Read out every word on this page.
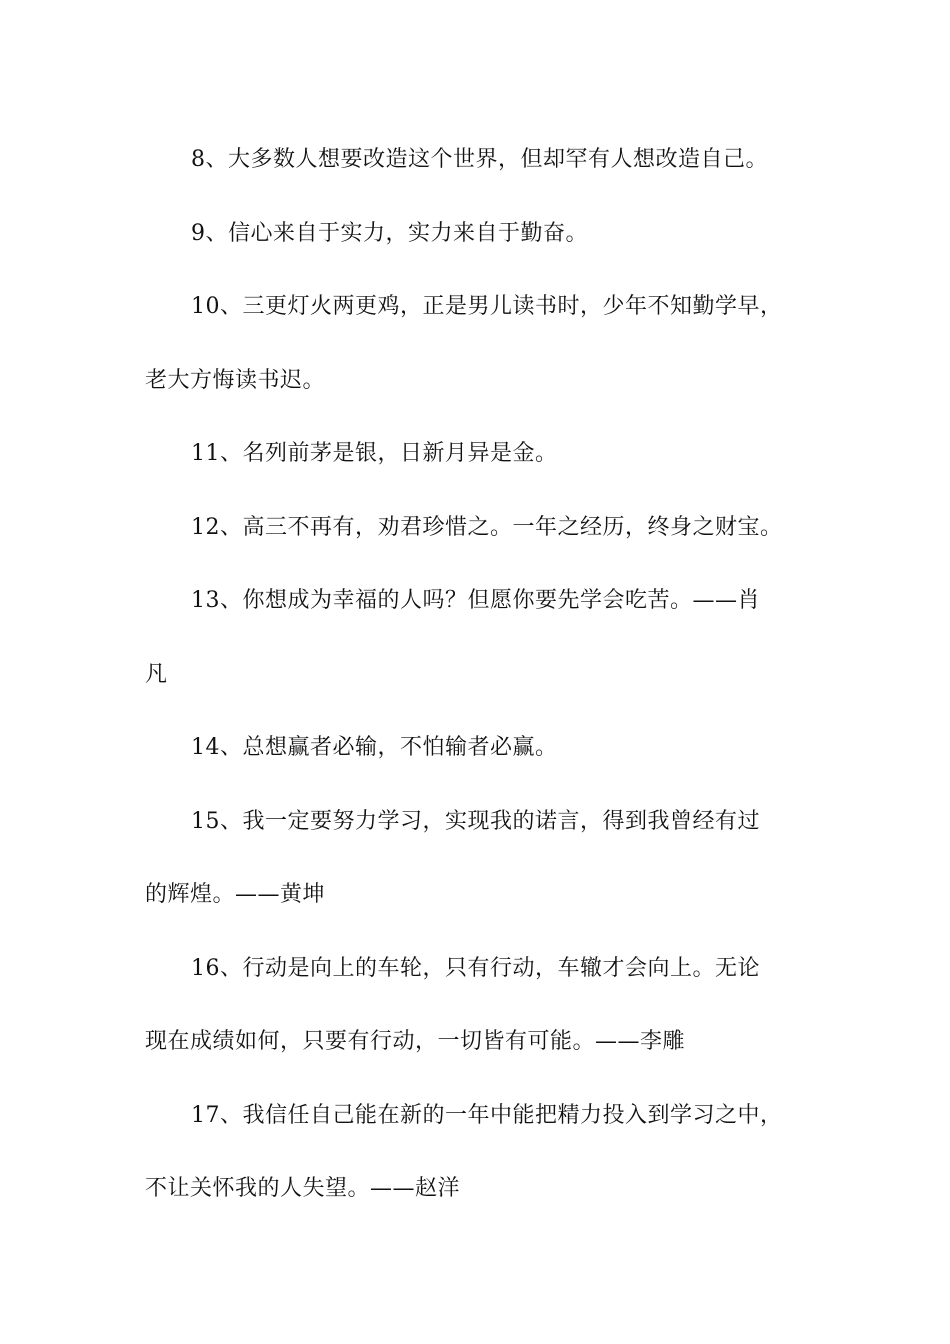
8、大多数人想要改造这个世界，但却罕有人想改造自己。

9、信心来自于实力，实力来自于勤奋。

10、三更灯火两更鸡，正是男儿读书时，少年不知勤学早，
老大方悔读书迟。

11、名列前茅是银，日新月异是金。

12、高三不再有，劝君珍惜之。一年之经历，终身之财宝。

13、你想成为幸福的人吗？但愿你要先学会吃苦。——肖
凡

14、总想赢者必输，不怕输者必赢。

15、我一定要努力学习，实现我的诺言，得到我曾经有过
的辉煌。——黄坤

16、行动是向上的车轮，只有行动，车辙才会向上。无论
现在成绩如何，只要有行动，一切皆有可能。——李雕

17、我信任自己能在新的一年中能把精力投入到学习之中，
不让关怀我的人失望。——赵洋
